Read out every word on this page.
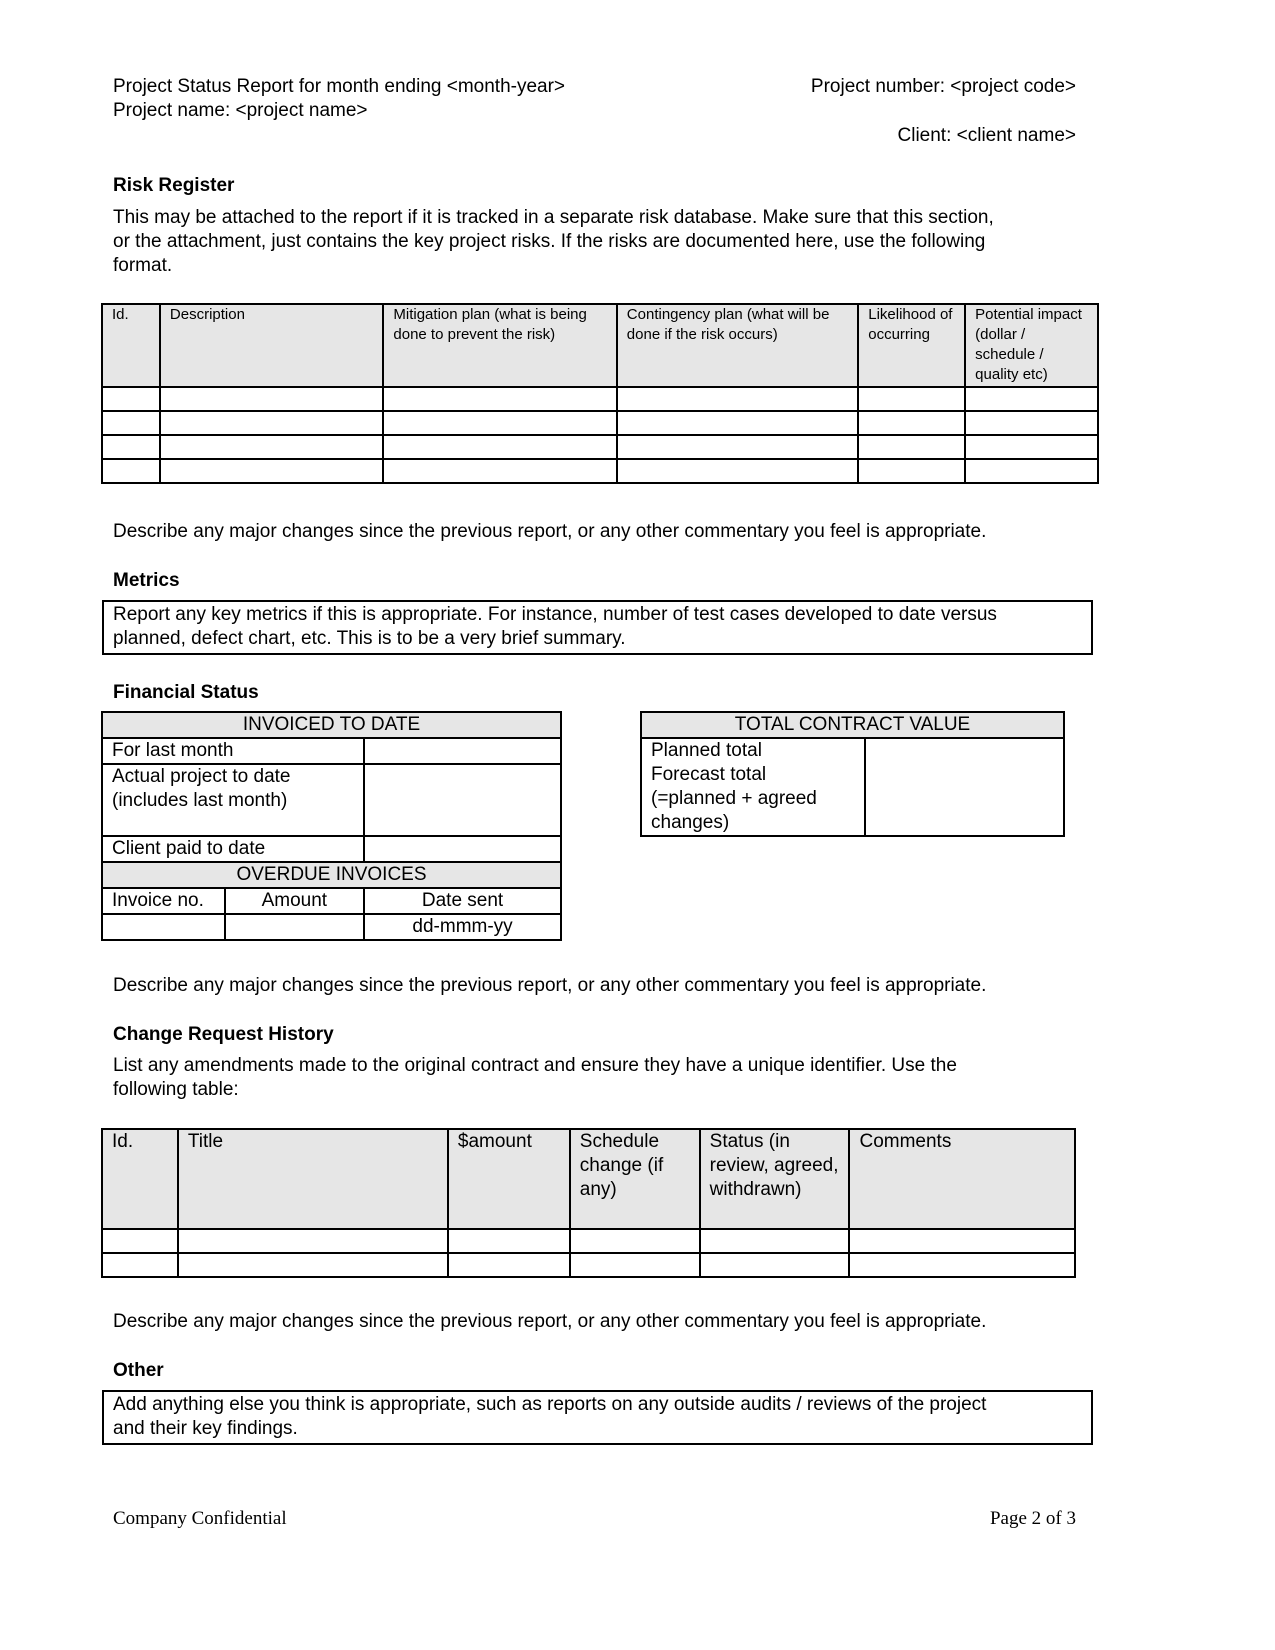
Project Status Report for month ending <month-year>
Project name: <project name>
Project number: <project code>
Client: <client name>
Risk Register
This may be attached to the report if it is tracked in a separate risk database. Make sure that this section,
or the attachment, just contains the key project risks. If the risks are documented here, use the following
format.
Id.	Description	Mitigation plan (what is being done to prevent the risk)	Contingency plan (what will be done if the risk occurs)	Likelihood of occurring	Potential impact (dollar / schedule / quality etc)

Describe any major changes since the previous report, or any other commentary you feel is appropriate.
Metrics
Report any key metrics if this is appropriate. For instance, number of test cases developed to date versus
planned, defect chart, etc. This is to be a very brief summary.
Financial Status
INVOICED TO DATE		
For last month		

Actual project to date
(includes last month)		

Client paid to date		
OVERDUE INVOICES		
Invoice no.	Amount	Date sent
		dd-mmm-yy
TOTAL CONTRACT VALUE

Planned total
Forecast total
(=planned + agreed
changes)

Describe any major changes since the previous report, or any other commentary you feel is appropriate.
Change Request History
List any amendments made to the original contract and ensure they have a unique identifier. Use the
following table:
Id.	Title	$amount	Schedule change (if any)	Status (in review, agreed, withdrawn)	Comments

Describe any major changes since the previous report, or any other commentary you feel is appropriate.
Other
Add anything else you think is appropriate, such as reports on any outside audits / reviews of the project
and their key findings.
Company Confidential	Page 2 of 3
